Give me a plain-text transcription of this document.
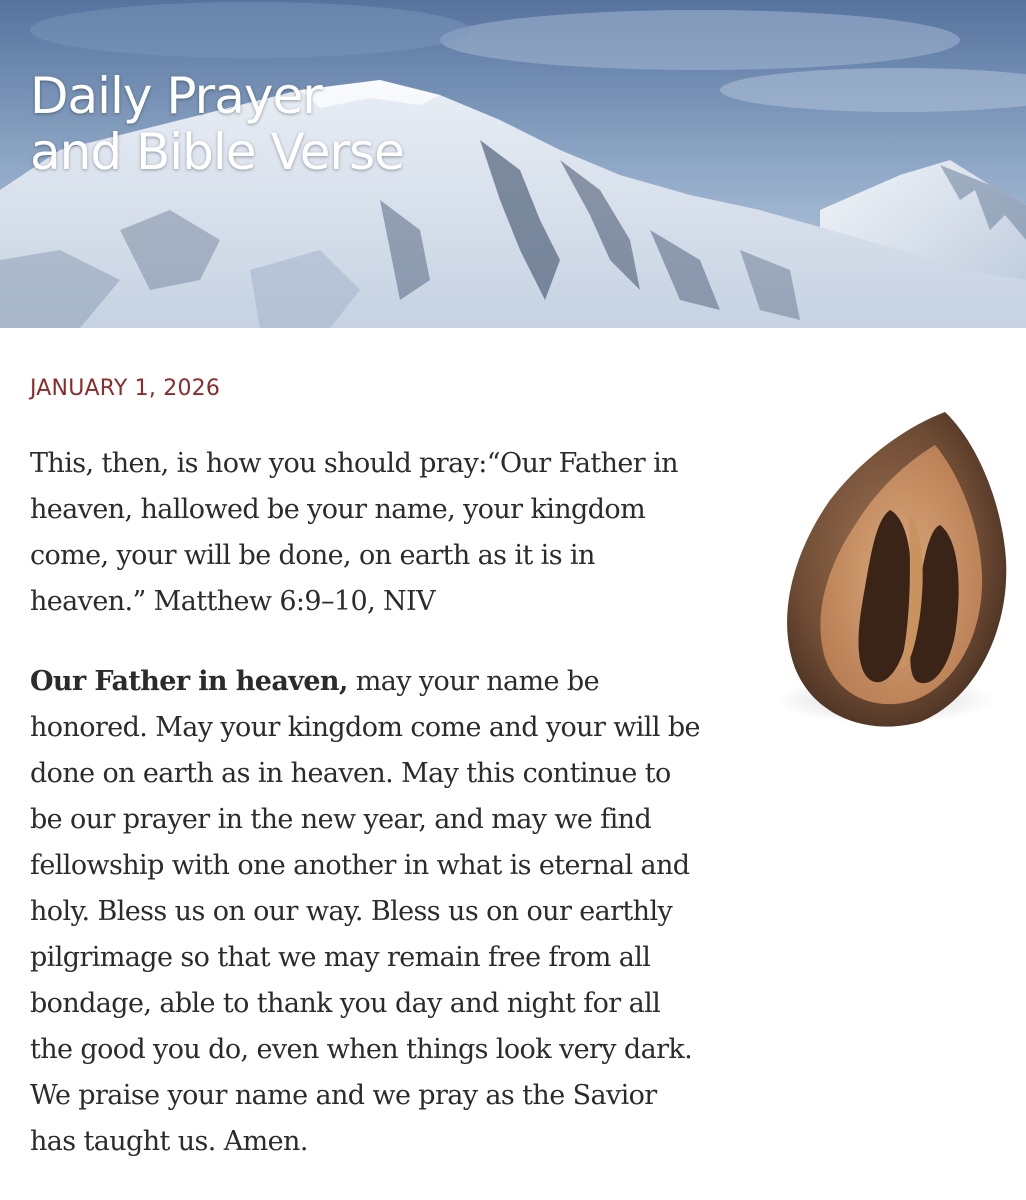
Daily Prayer
and Bible Verse
JANUARY 1, 2026

This, then, is how you should pray:“Our Father in heaven, hallowed be your name, your kingdom come, your will be done, on earth as it is in heaven.” Matthew 6:9–10, NIV

Our Father in heaven, may your name be honored. May your kingdom come and your will be done on earth as in heaven. May this continue to be our prayer in the new year, and may we find fellowship with one another in what is eternal and holy. Bless us on our way. Bless us on our earthly pilgrimage so that we may remain free from all bondage, able to thank you day and night for all the good you do, even when things look very dark. We praise your name and we pray as the Savior has taught us. Amen.
